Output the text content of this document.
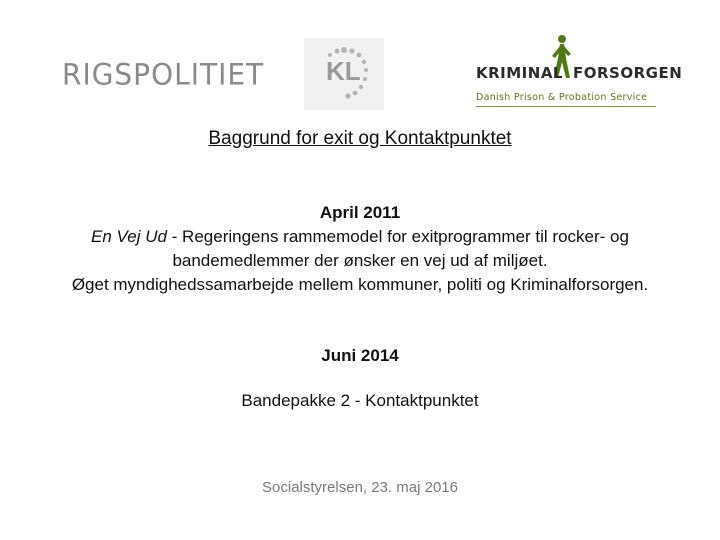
RIGSPOLITIET KL	KRIMINAL FORSORGEN
Danish Prison & Probation Service
Baggrund for exit og Kontaktpunktet
April 2011
En Vej Ud - Regeringens rammemodel for exitprogrammer til rocker- og bandemedlemmer der ønsker en vej ud af miljøet.
Øget myndighedssamarbejde mellem kommuner, politi og Kriminalforsorgen.
Juni 2014
Bandepakke 2 - Kontaktpunktet
Socialstyrelsen, 23. maj 2016
